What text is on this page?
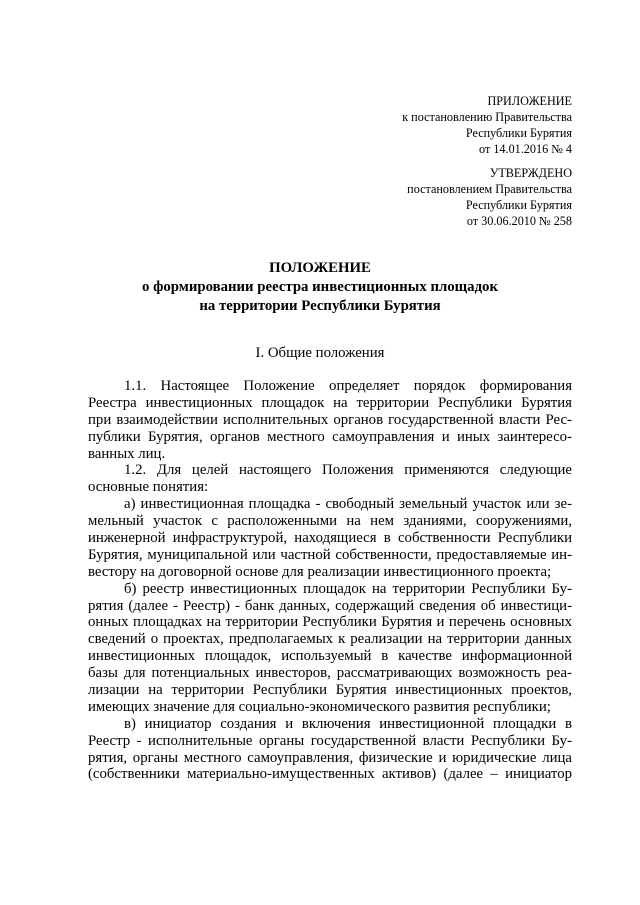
ПРИЛОЖЕНИЕ
к постановлению Правительства
Республики Бурятия
от 14.01.2016 № 4
УТВЕРЖДЕНО
постановлением Правительства
Республики Бурятия
от 30.06.2010 № 258
ПОЛОЖЕНИЕ
о формировании реестра инвестиционных площадок
на территории Республики Бурятия
I. Общие положения
1.1. Настоящее Положение определяет порядок формирования
Реестра инвестиционных площадок на территории Республики Бурятия
при взаимодействии исполнительных органов государственной власти Рес-
публики Бурятия, органов местного самоуправления и иных заинтересо-
ванных лиц.
1.2. Для целей настоящего Положения применяются следующие
основные понятия:
а) инвестиционная площадка - свободный земельный участок или зе-
мельный участок с расположенными на нем зданиями, сооружениями,
инженерной инфраструктурой, находящиеся в собственности Республики
Бурятия, муниципальной или частной собственности, предоставляемые ин-
вестору на договорной основе для реализации инвестиционного проекта;
б) реестр инвестиционных площадок на территории Республики Бу-
рятия (далее - Реестр) - банк данных, содержащий сведения об инвестици-
онных площадках на территории Республики Бурятия и перечень основных
сведений о проектах, предполагаемых к реализации на территории данных
инвестиционных площадок, используемый в качестве информационной
базы для потенциальных инвесторов, рассматривающих возможность реа-
лизации на территории Республики Бурятия инвестиционных проектов,
имеющих значение для социально-экономического развития республики;
в) инициатор создания и включения инвестиционной площадки в
Реестр - исполнительные органы государственной власти Республики Бу-
рятия, органы местного самоуправления, физические и юридические лица
(собственники материально-имущественных активов) (далее – инициатор
